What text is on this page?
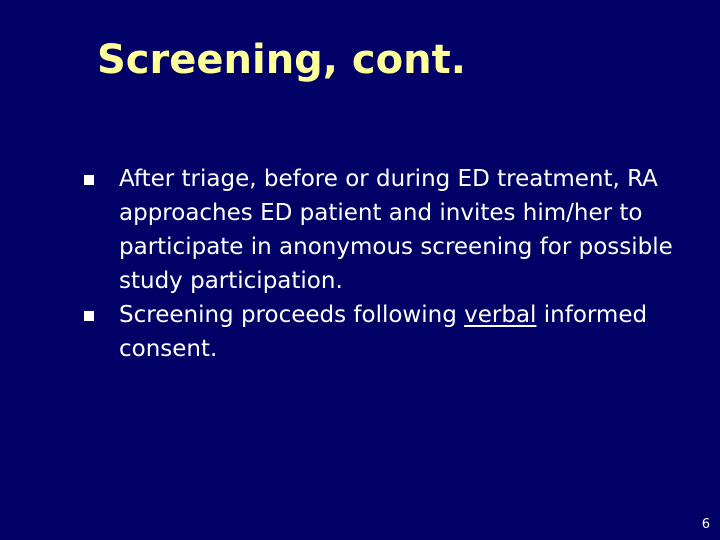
Screening, cont.
After triage, before or during ED treatment, RA approaches ED patient and invites him/her to participate in anonymous screening for possible study participation.
Screening proceeds following verbal informed consent.
6
